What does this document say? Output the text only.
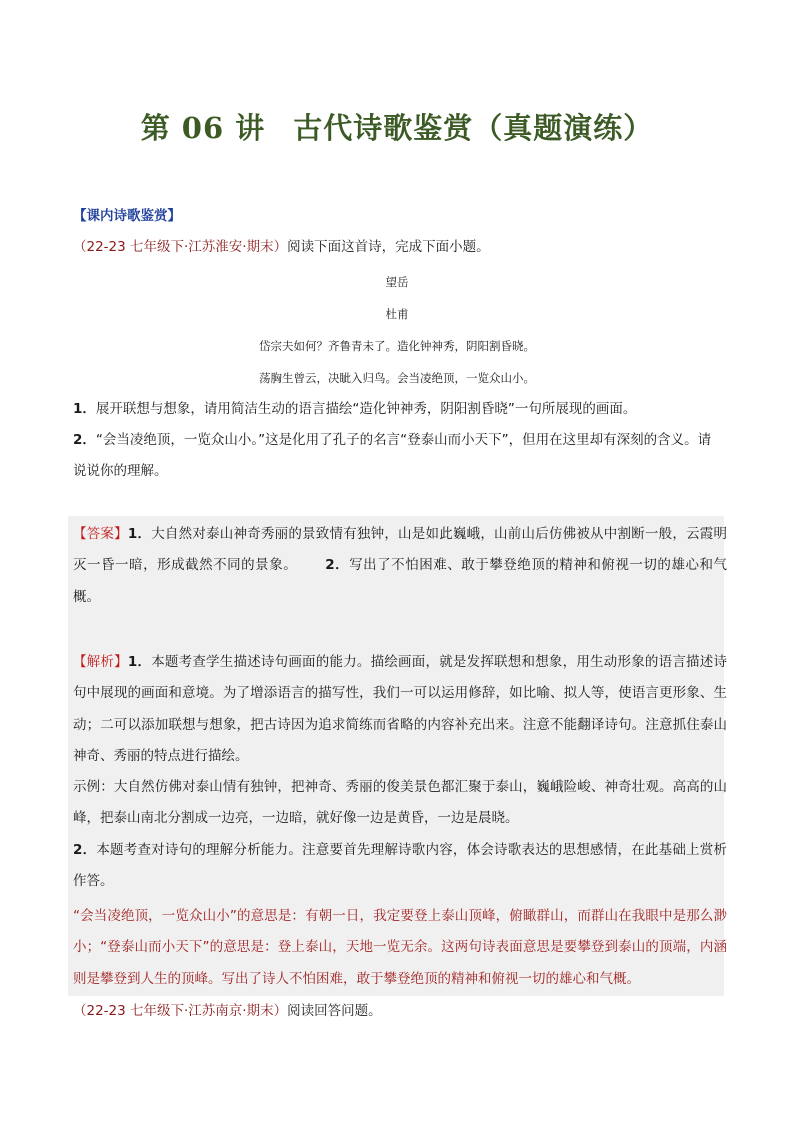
第 06 讲 古代诗歌鉴赏（真题演练）
【课内诗歌鉴赏】
（22-23 七年级下·江苏淮安·期末）阅读下面这首诗，完成下面小题。
望岳
杜甫
岱宗夫如何？齐鲁青未了。造化钟神秀，阴阳割昏晓。
荡胸生曾云，决眦入归鸟。会当凌绝顶，一览众山小。
1．展开联想与想象，请用简洁生动的语言描绘“造化钟神秀，阴阳割昏晓”一句所展现的画面。
2．“会当凌绝顶，一览众山小。”这是化用了孔子的名言“登泰山而小天下”，但用在这里却有深刻的含义。请说说你的理解。
【答案】1．大自然对泰山神奇秀丽的景致情有独钟，山是如此巍峨，山前山后仿佛被从中割断一般，云霞明灭一昏一暗，形成截然不同的景象。 2．写出了不怕困难、敢于攀登绝顶的精神和俯视一切的雄心和气概。
【解析】1．本题考查学生描述诗句画面的能力。描绘画面，就是发挥联想和想象，用生动形象的语言描述诗句中展现的画面和意境。为了增添语言的描写性，我们一可以运用修辞，如比喻、拟人等，使语言更形象、生动；二可以添加联想与想象，把古诗因为追求简练而省略的内容补充出来。注意不能翻译诗句。注意抓住泰山神奇、秀丽的特点进行描绘。
示例：大自然仿佛对泰山情有独钟，把神奇、秀丽的俊美景色都汇聚于泰山，巍峨险峻、神奇壮观。高高的山峰，把泰山南北分割成一边亮，一边暗，就好像一边是黄昏，一边是晨晓。
2．本题考查对诗句的理解分析能力。注意要首先理解诗歌内容，体会诗歌表达的思想感情，在此基础上赏析作答。
“会当凌绝顶，一览众山小”的意思是：有朝一日，我定要登上泰山顶峰，俯瞰群山，而群山在我眼中是那么渺小；“登泰山而小天下”的意思是：登上泰山，天地一览无余。这两句诗表面意思是要攀登到泰山的顶端，内涵则是攀登到人生的顶峰。写出了诗人不怕困难，敢于攀登绝顶的精神和俯视一切的雄心和气概。
（22-23 七年级下·江苏南京·期末）阅读回答问题。
